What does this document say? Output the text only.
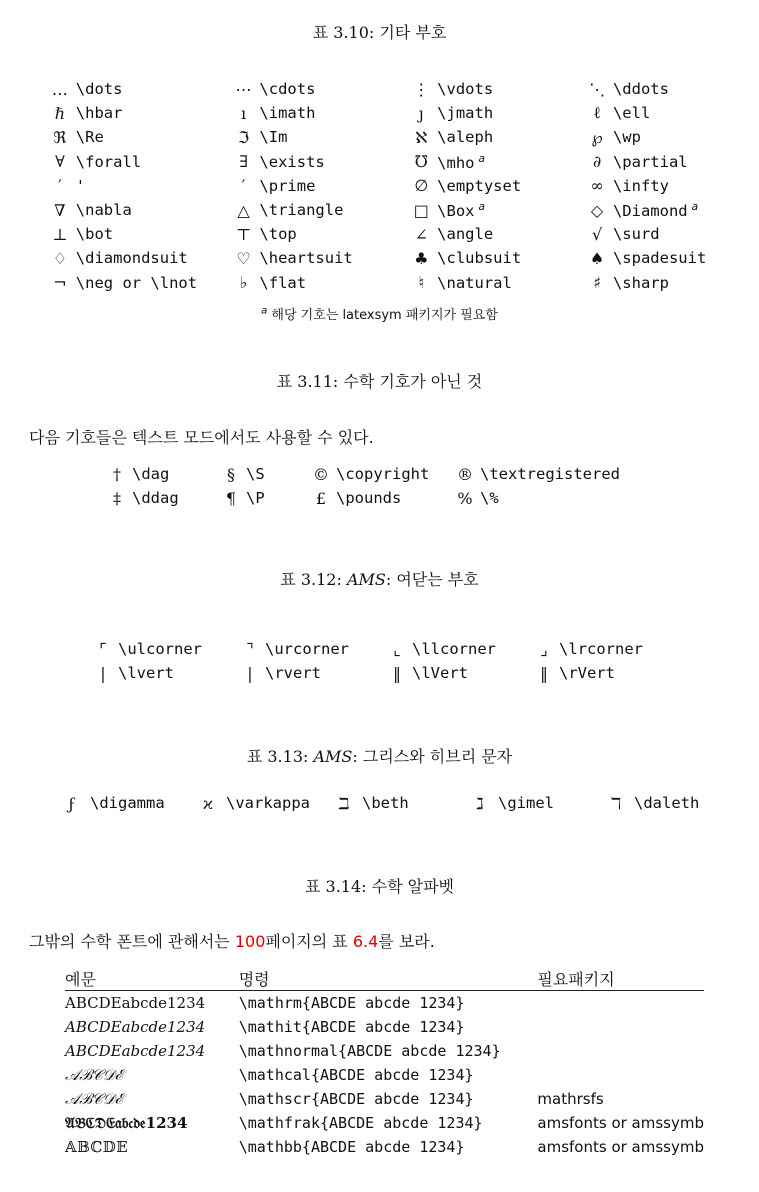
표 3.10: 기타 부호
…	\dots	⋯	\cdots	⋮	\vdots	⋱	\ddots
ℏ	\hbar	ı	\imath	ȷ	\jmath	ℓ	\ell
ℜ	\Re	ℑ	\Im	ℵ	\aleph	℘	\wp
∀	\forall	∃	\exists	℧	\mho $^a$	∂	\partial
′	'	′	\prime	∅	\emptyset	∞	\infty
∇	\nabla	△	\triangle	□	\Box $^a$	◇	\Diamond $^a$
⊥	\bot	⊤	\top	∠	\angle	√	\surd
♢	\diamondsuit	♡	\heartsuit	♣	\clubsuit	♠	\spadesuit
¬	\neg or \lnot	♭	\flat	♮	\natural	♯	\sharp
$^a$ 해당 기호는 latexsym 패키지가 필요함
표 3.11: 수학 기호가 아닌 것
다음 기호들은 텍스트 모드에서도 사용할 수 있다.
†	\dag	§	\S	©	\copyright	®	\textregistered
‡	\ddag	¶	\P	£	\pounds	%	\%
표 3.12: AMS: 여닫는 부호
⌜	\ulcorner	⌝	\urcorner	⌞	\llcorner	⌟	\lrcorner
|	\lvert	|	\rvert	‖	\lVert	‖	\rVert
표 3.13: AMS: 그리스와 히브리 문자
ϝ	\digamma	ϰ	\varkappa	ℶ	\beth	ℷ	\gimel	ℸ	\daleth
표 3.14: 수학 알파벳
그밖의 수학 폰트에 관해서는 100페이지의 표 6.4를 보라.
예문	명령	필요패키지
ABCDEabcde1234	\mathrm{ABCDE abcde 1234}	
ABCDEabcde1234	\mathit{ABCDE abcde 1234}	
ABCDEabcde1234	\mathnormal{ABCDE abcde 1234}	
𝒜ℬ𝒞𝒟ℰ	\mathcal{ABCDE abcde 1234}	
𝒜ℬ𝒞𝒟ℰ	\mathscr{ABCDE abcde 1234}	mathrsfs
𝔄𝔅ℭ𝔇𝔈𝔞𝔟𝔠𝔡𝔢1234	\mathfrak{ABCDE abcde 1234}	amsfonts or amssymb
𝔸𝔹ℂ𝔻𝔼	\mathbb{ABCDE abcde 1234}	amsfonts or amssymb
